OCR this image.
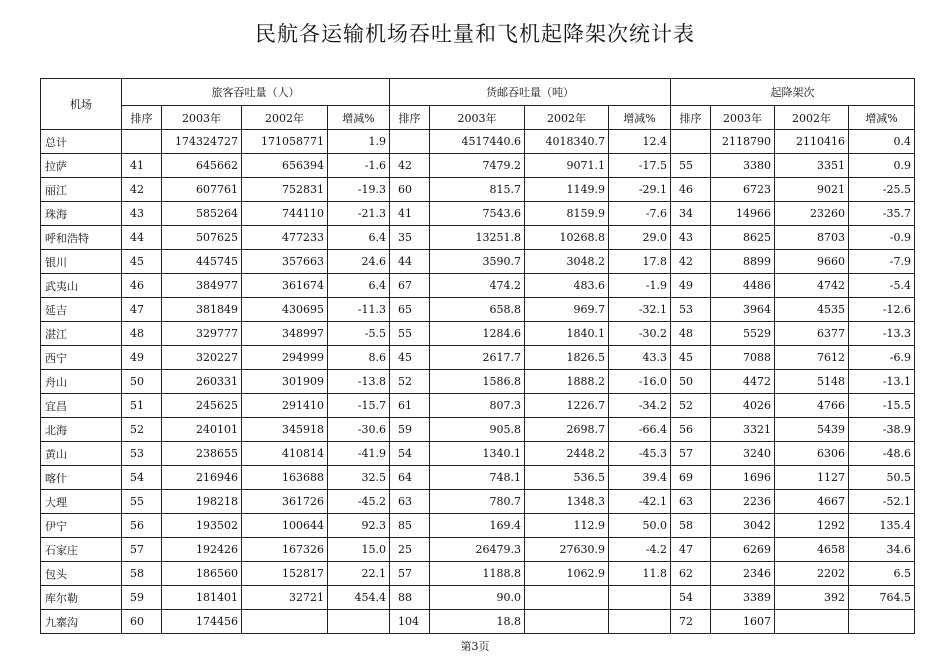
民航各运输机场吞吐量和飞机起降架次统计表
机场	旅客吞吐量（人）				货邮吞吐量（吨）				起降架次			
	排序	2003年	2002年	增减%	排序	2003年	2002年	增减%	排序	2003年	2002年	增减%
总计		174324727	171058771	1.9		4517440.6	4018340.7	12.4		2118790	2110416	0.4
拉萨	41	645662	656394	-1.6	42	7479.2	9071.1	-17.5	55	3380	3351	0.9
丽江	42	607761	752831	-19.3	60	815.7	1149.9	-29.1	46	6723	9021	-25.5
珠海	43	585264	744110	-21.3	41	7543.6	8159.9	-7.6	34	14966	23260	-35.7
呼和浩特	44	507625	477233	6.4	35	13251.8	10268.8	29.0	43	8625	8703	-0.9
银川	45	445745	357663	24.6	44	3590.7	3048.2	17.8	42	8899	9660	-7.9
武夷山	46	384977	361674	6.4	67	474.2	483.6	-1.9	49	4486	4742	-5.4
延吉	47	381849	430695	-11.3	65	658.8	969.7	-32.1	53	3964	4535	-12.6
湛江	48	329777	348997	-5.5	55	1284.6	1840.1	-30.2	48	5529	6377	-13.3
西宁	49	320227	294999	8.6	45	2617.7	1826.5	43.3	45	7088	7612	-6.9
舟山	50	260331	301909	-13.8	52	1586.8	1888.2	-16.0	50	4472	5148	-13.1
宜昌	51	245625	291410	-15.7	61	807.3	1226.7	-34.2	52	4026	4766	-15.5
北海	52	240101	345918	-30.6	59	905.8	2698.7	-66.4	56	3321	5439	-38.9
黄山	53	238655	410814	-41.9	54	1340.1	2448.2	-45.3	57	3240	6306	-48.6
喀什	54	216946	163688	32.5	64	748.1	536.5	39.4	69	1696	1127	50.5
大理	55	198218	361726	-45.2	63	780.7	1348.3	-42.1	63	2236	4667	-52.1
伊宁	56	193502	100644	92.3	85	169.4	112.9	50.0	58	3042	1292	135.4
石家庄	57	192426	167326	15.0	25	26479.3	27630.9	-4.2	47	6269	4658	34.6
包头	58	186560	152817	22.1	57	1188.8	1062.9	11.8	62	2346	2202	6.5
库尔勒	59	181401	32721	454.4	88	90.0			54	3389	392	764.5
九寨沟	60	174456			104	18.8			72	1607		
第3页
